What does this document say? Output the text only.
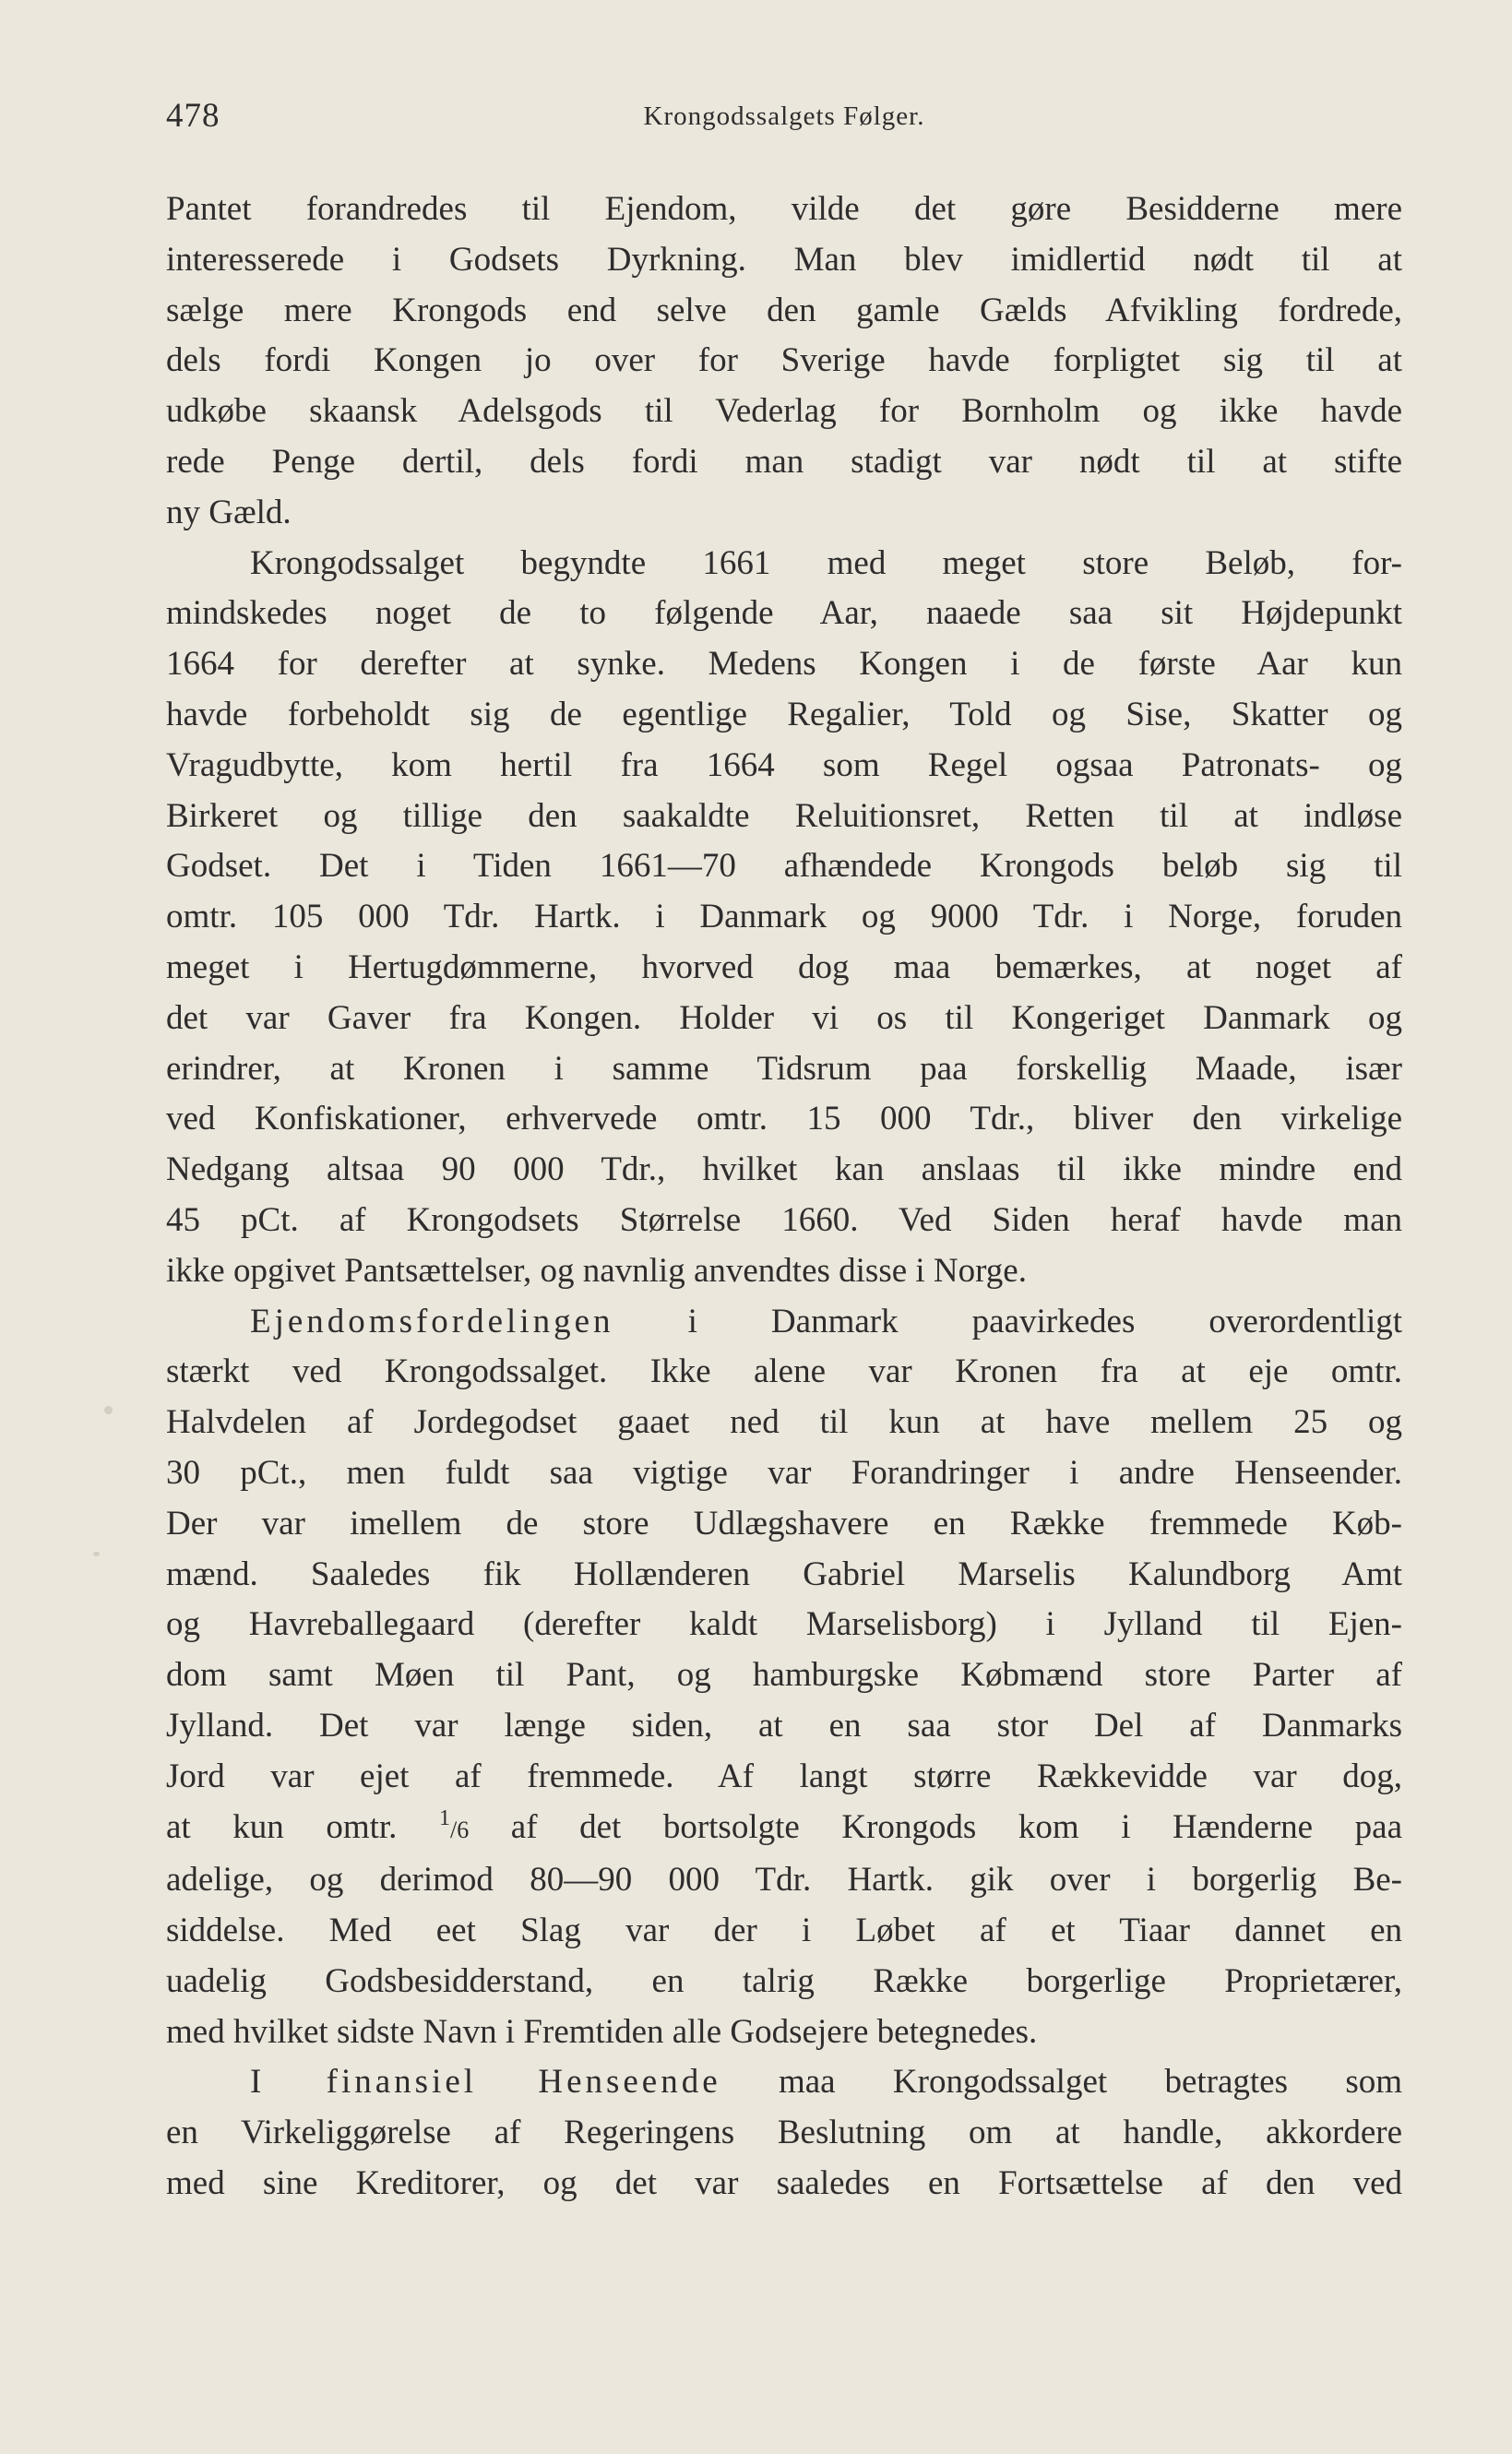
478	Krongodssalgets Følger.

Pantet forandredes til Ejendom, vilde det gøre Besidderne mere

interesserede i Godsets Dyrkning. Man blev imidlertid nødt til at

sælge mere Krongods end selve den gamle Gælds Afvikling fordrede,

dels fordi Kongen jo over for Sverige havde forpligtet sig til at

udkøbe skaansk Adelsgods til Vederlag for Bornholm og ikke havde

rede Penge dertil, dels fordi man stadigt var nødt til at stifte

ny Gæld.

Krongodssalget begyndte 1661 med meget store Beløb, for-

mindskedes noget de to følgende Aar, naaede saa sit Højdepunkt

1664 for derefter at synke. Medens Kongen i de første Aar kun

havde forbeholdt sig de egentlige Regalier, Told og Sise, Skatter og

Vragudbytte, kom hertil fra 1664 som Regel ogsaa Patronats- og

Birkeret og tillige den saakaldte Reluitionsret, Retten til at indløse

Godset. Det i Tiden 1661—70 afhændede Krongods beløb sig til

omtr. 105 000 Tdr. Hartk. i Danmark og 9000 Tdr. i Norge, foruden

meget i Hertugdømmerne, hvorved dog maa bemærkes, at noget af

det var Gaver fra Kongen. Holder vi os til Kongeriget Danmark og

erindrer, at Kronen i samme Tidsrum paa forskellig Maade, især

ved Konfiskationer, erhvervede omtr. 15 000 Tdr., bliver den virkelige

Nedgang altsaa 90 000 Tdr., hvilket kan anslaas til ikke mindre end

45 pCt. af Krongodsets Størrelse 1660. Ved Siden heraf havde man

ikke opgivet Pantsættelser, og navnlig anvendtes disse i Norge.

Ejendomsfordelingen i Danmark paavirkedes overordentligt

stærkt ved Krongodssalget. Ikke alene var Kronen fra at eje omtr.

Halvdelen af Jordegodset gaaet ned til kun at have mellem 25 og

30 pCt., men fuldt saa vigtige var Forandringer i andre Henseender.

Der var imellem de store Udlægshavere en Række fremmede Køb-

mænd. Saaledes fik Hollænderen Gabriel Marselis Kalundborg Amt

og Havreballegaard (derefter kaldt Marselisborg) i Jylland til Ejen-

dom samt Møen til Pant, og hamburgske Købmænd store Parter af

Jylland. Det var længe siden, at en saa stor Del af Danmarks

Jord var ejet af fremmede. Af langt større Rækkevidde var dog,

at kun omtr. $^1$/6 af det bortsolgte Krongods kom i Hænderne paa

adelige, og derimod 80—90 000 Tdr. Hartk. gik over i borgerlig Be-

siddelse. Med eet Slag var der i Løbet af et Tiaar dannet en

uadelig Godsbesidderstand, en talrig Række borgerlige Proprietærer,

med hvilket sidste Navn i Fremtiden alle Godsejere betegnedes.

I finansiel Henseende maa Krongodssalget betragtes som

en Virkeliggørelse af Regeringens Beslutning om at handle, akkordere

med sine Kreditorer, og det var saaledes en Fortsættelse af den ved
